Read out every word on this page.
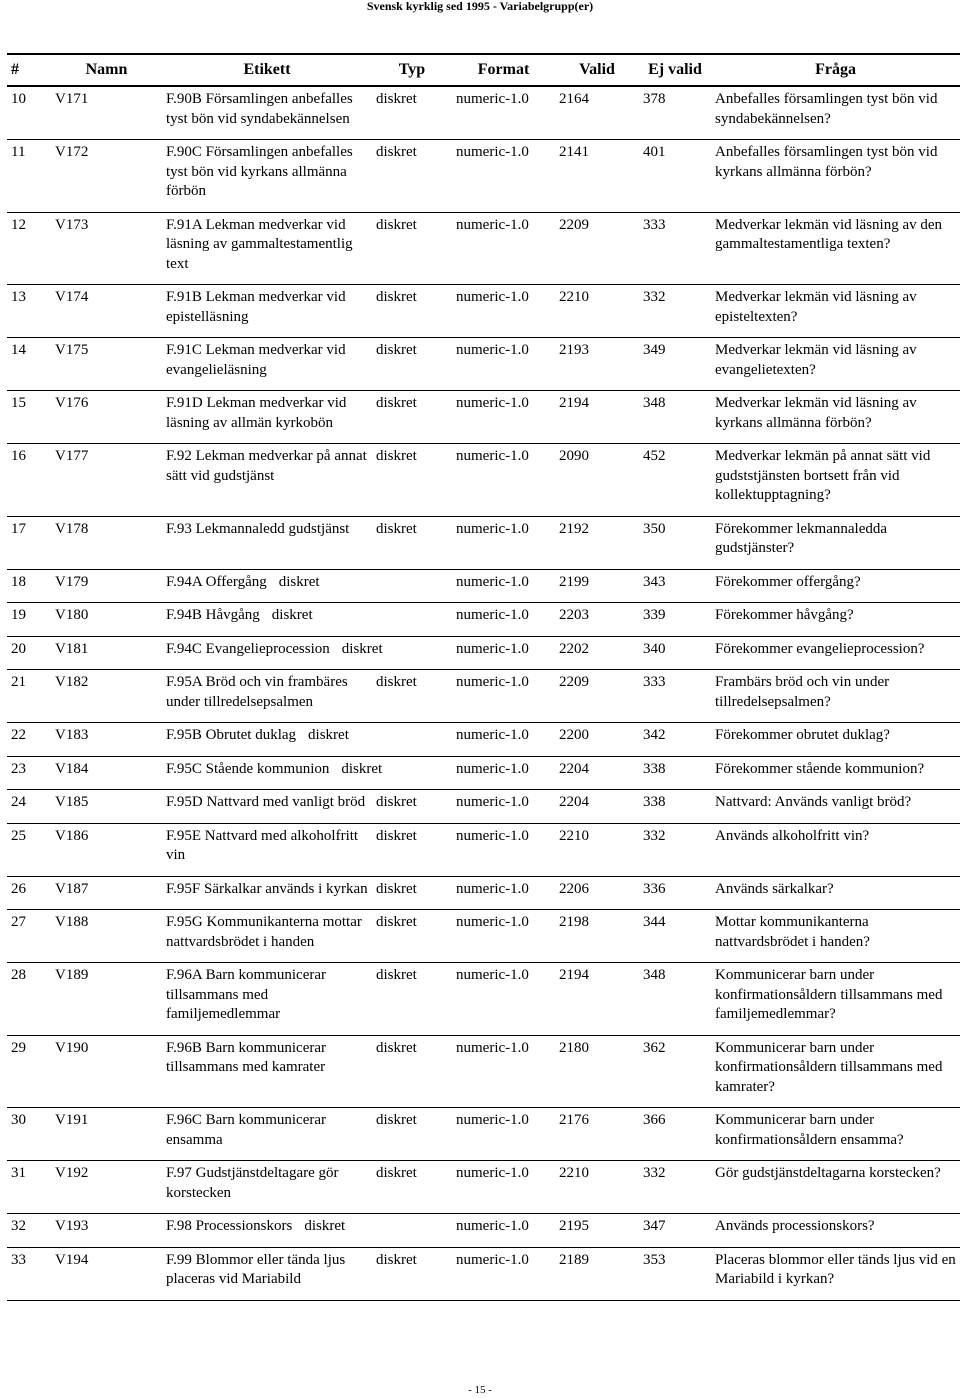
Svensk kyrklig sed 1995 - Variabelgrupp(er)
#	Namn	Etikett	Typ	Format	Valid	Ej valid	Fråga
10	V171	F.90B Församlingen anbefalles tyst bön vid syndabekännelsen	diskret	numeric-1.0	2164	378	Anbefalles församlingen tyst bön vid syndabekännelsen?
11	V172	F.90C Församlingen anbefalles tyst bön vid kyrkans allmänna förbön	diskret	numeric-1.0	2141	401	Anbefalles församlingen tyst bön vid kyrkans allmänna förbön?
12	V173	F.91A Lekman medverkar vid läsning av gammaltestamentlig text	diskret	numeric-1.0	2209	333	Medverkar lekmän vid läsning av den gammaltestamentliga texten?
13	V174	F.91B Lekman medverkar vid epistelläsning	diskret	numeric-1.0	2210	332	Medverkar lekmän vid läsning av episteltexten?
14	V175	F.91C Lekman medverkar vid evangelieläsning	diskret	numeric-1.0	2193	349	Medverkar lekmän vid läsning av evangelietexten?
15	V176	F.91D Lekman medverkar vid läsning av allmän kyrkobön	diskret	numeric-1.0	2194	348	Medverkar lekmän vid läsning av kyrkans allmänna förbön?
16	V177	F.92 Lekman medverkar på annat sätt vid gudstjänst	diskret	numeric-1.0	2090	452	Medverkar lekmän på annat sätt vid gudststjänsten bortsett från vid kollektupptagning?
17	V178	F.93 Lekmannaledd gudstjänst	diskret	numeric-1.0	2192	350	Förekommer lekmannaledda gudstjänster?
18	V179	F.94A Offergång diskret		numeric-1.0	2199	343	Förekommer offergång?
19	V180	F.94B Håvgång diskret		numeric-1.0	2203	339	Förekommer håvgång?
20	V181	F.94C Evangelieprocession diskret		numeric-1.0	2202	340	Förekommer evangelieprocession?
21	V182	F.95A Bröd och vin frambäres under tillredelsepsalmen	diskret	numeric-1.0	2209	333	Frambärs bröd och vin under tillredelsepsalmen?
22	V183	F.95B Obrutet duklag diskret		numeric-1.0	2200	342	Förekommer obrutet duklag?
23	V184	F.95C Stående kommunion diskret		numeric-1.0	2204	338	Förekommer stående kommunion?
24	V185	F.95D Nattvard med vanligt bröd	diskret	numeric-1.0	2204	338	Nattvard: Används vanligt bröd?
25	V186	F.95E Nattvard med alkoholfritt vin	diskret	numeric-1.0	2210	332	Används alkoholfritt vin?
26	V187	F.95F Särkalkar används i kyrkan	diskret	numeric-1.0	2206	336	Används särkalkar?
27	V188	F.95G Kommunikanterna mottar nattvardsbrödet i handen	diskret	numeric-1.0	2198	344	Mottar kommunikanterna nattvardsbrödet i handen?
28	V189	F.96A Barn kommunicerar tillsammans med familjemedlemmar	diskret	numeric-1.0	2194	348	Kommunicerar barn under konfirmationsåldern tillsammans med familjemedlemmar?
29	V190	F.96B Barn kommunicerar tillsammans med kamrater	diskret	numeric-1.0	2180	362	Kommunicerar barn under konfirmationsåldern tillsammans med kamrater?
30	V191	F.96C Barn kommunicerar ensamma	diskret	numeric-1.0	2176	366	Kommunicerar barn under konfirmationsåldern ensamma?
31	V192	F.97 Gudstjänstdeltagare gör korstecken	diskret	numeric-1.0	2210	332	Gör gudstjänstdeltagarna korstecken?
32	V193	F.98 Processionskors diskret		numeric-1.0	2195	347	Används processionskors?
33	V194	F.99 Blommor eller tända ljus placeras vid Mariabild	diskret	numeric-1.0	2189	353	Placeras blommor eller tänds ljus vid en Mariabild i kyrkan?
- 15 -
